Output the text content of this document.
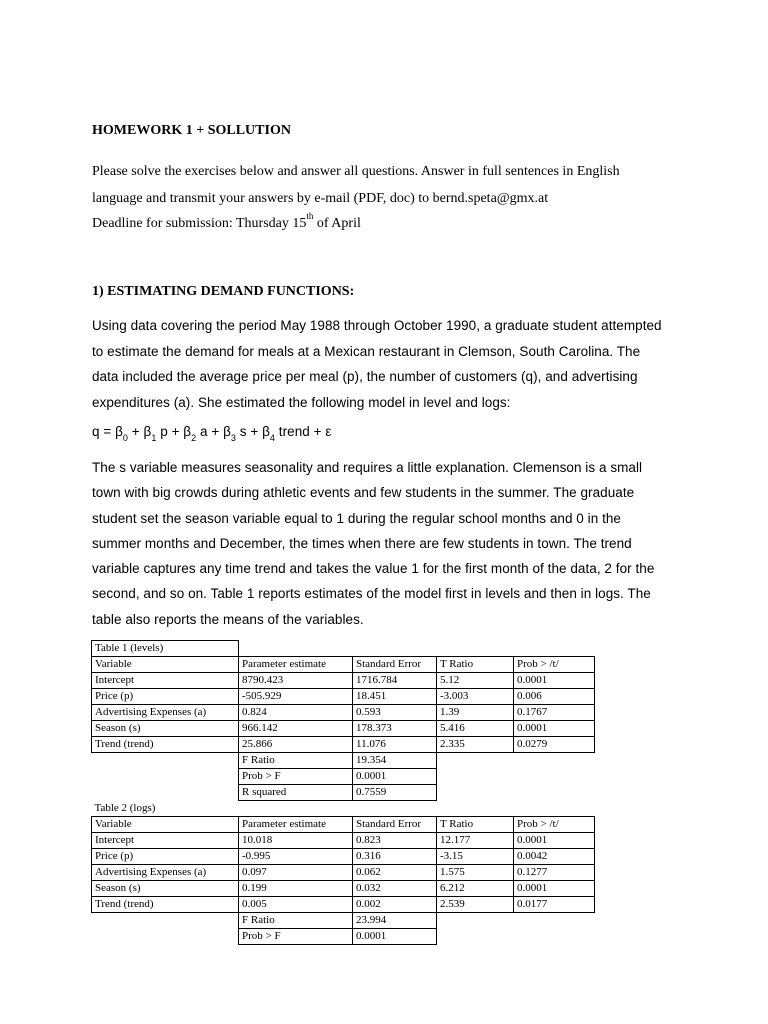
HOMEWORK 1 + SOLLUTION
Please solve the exercises below and answer all questions. Answer in full sentences in English
language and transmit your answers by e-mail (PDF, doc) to bernd.speta@gmx.at
Deadline for submission: Thursday 15th of April
1) ESTIMATING DEMAND FUNCTIONS:
Using data covering the period May 1988 through October 1990, a graduate student attempted
to estimate the demand for meals at a Mexican restaurant in Clemson, South Carolina. The
data included the average price per meal (p), the number of customers (q), and advertising
expenditures (a). She estimated the following model in level and logs:
$q = \beta_0 + \beta_1$ $p + \beta_2$ $a + \beta_3$ $s + \beta_4$ trend + ε
The s variable measures seasonality and requires a little explanation. Clemenson is a small
town with big crowds during athletic events and few students in the summer. The graduate
student set the season variable equal to 1 during the regular school months and 0 in the
summer months and December, the times when there are few students in town. The trend
variable captures any time trend and takes the value 1 for the first month of the data, 2 for the
second, and so on. Table 1 reports estimates of the model first in levels and then in logs. The
table also reports the means of the variables.
Table 1 (levels)				
Variable	Parameter estimate	Standard Error	T Ratio	Prob > /t/
Intercept	8790.423	1716.784	5.12	0.0001
Price (p)	-505.929	18.451	-3.003	0.006
Advertising Expenses (a)	0.824	0.593	1.39	0.1767
Season (s)	966.142	178.373	5.416	0.0001
Trend (trend)	25.866	11.076	2.335	0.0279
	F Ratio	19.354		
	Prob > F	0.0001		
	R squared	0.7559		
Table 2 (logs)				
Variable	Parameter estimate	Standard Error	T Ratio	Prob > /t/
Intercept	10.018	0.823	12.177	0.0001
Price (p)	-0.995	0.316	-3.15	0.0042
Advertising Expenses (a)	0.097	0.062	1.575	0.1277
Season (s)	0.199	0.032	6.212	0.0001
Trend (trend)	0.005	0.002	2.539	0.0177
	F Ratio	23.994		
	Prob > F	0.0001		
